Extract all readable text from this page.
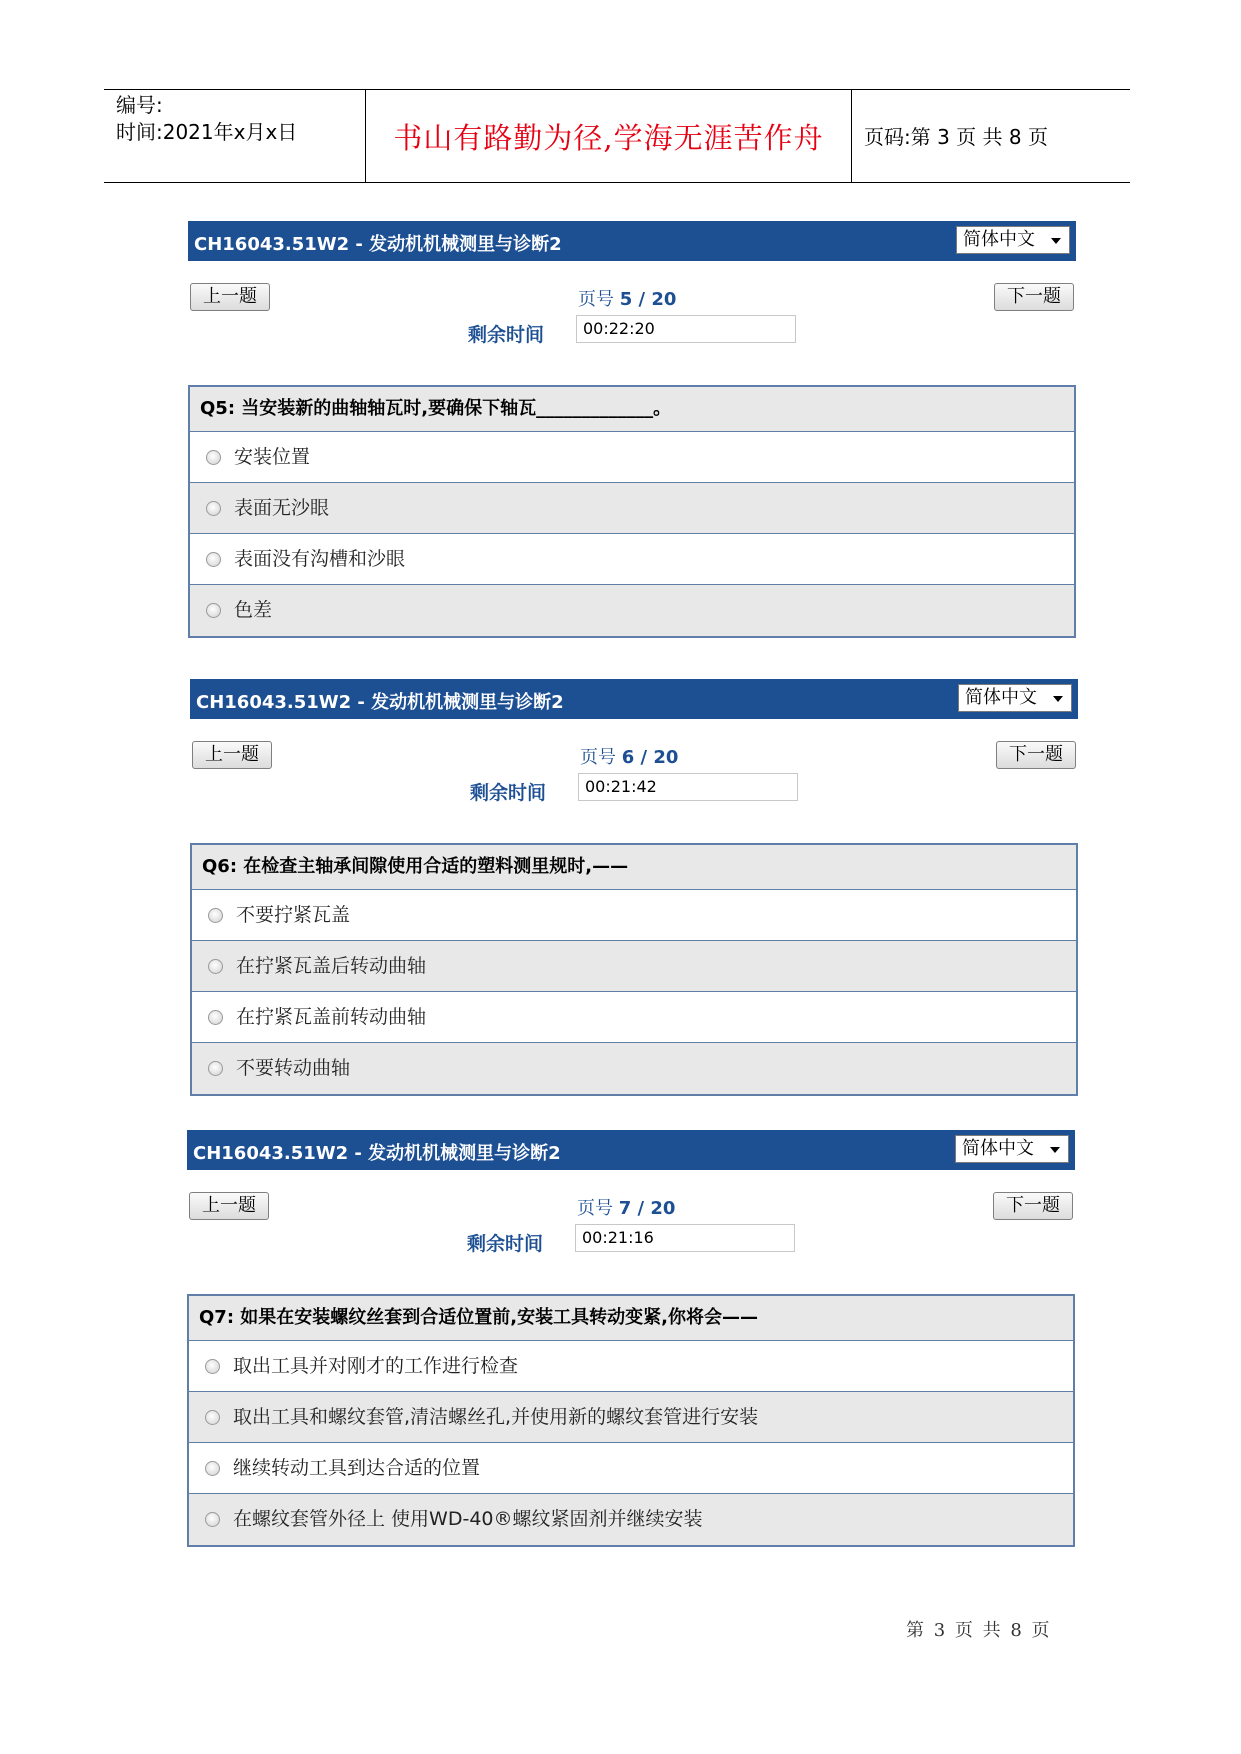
编号:
时间:2021年x月x日	书山有路勤为径,学海无涯苦作舟	页码:第 3 页 共 8 页
CH16043.51W2 - 发动机机械测里与诊断2	简体中文
上一题	页号 5 / 20	下一题
剩余时间	00:22:20
Q5: 当安装新的曲轴轴瓦时,要确保下轴瓦_____________。
安装位置
表面无沙眼
表面没有沟槽和沙眼
色差
CH16043.51W2 - 发动机机械测里与诊断2	简体中文
上一题	页号 6 / 20	下一题
剩余时间	00:21:42
Q6: 在检查主轴承间隙使用合适的塑料测里规时,——
不要拧紧瓦盖
在拧紧瓦盖后转动曲轴
在拧紧瓦盖前转动曲轴
不要转动曲轴
CH16043.51W2 - 发动机机械测里与诊断2	简体中文
上一题	页号 7 / 20	下一题
剩余时间	00:21:16
Q7: 如果在安装螺纹丝套到合适位置前,安装工具转动变紧,你将会——
取出工具并对刚才的工作进行检查
取出工具和螺纹套管,清洁螺丝孔,并使用新的螺纹套管进行安装
继续转动工具到达合适的位置
在螺纹套管外径上 使用WD-40®螺纹紧固剂并继续安装
第 3 页 共 8 页
